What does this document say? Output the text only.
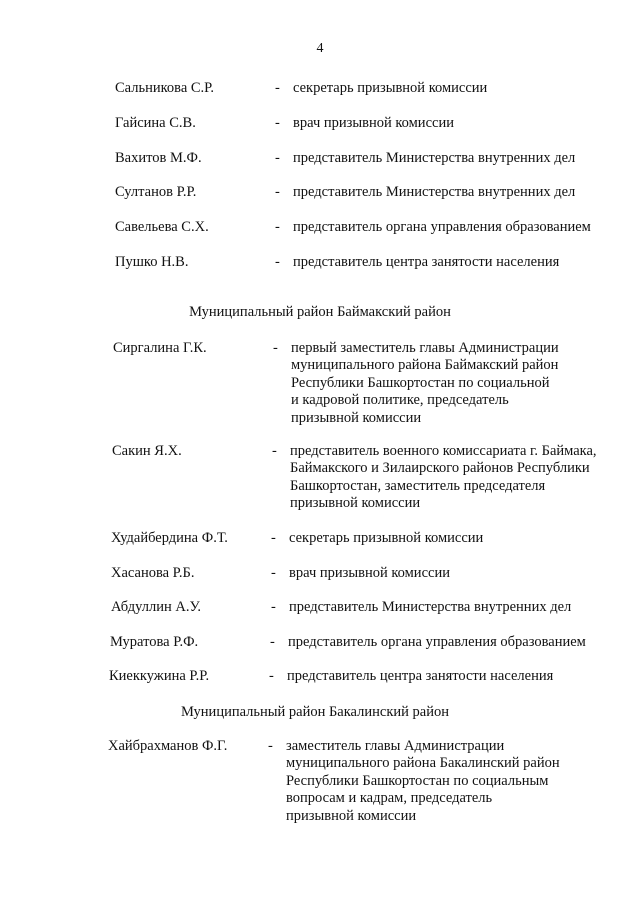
4
Сальникова С.Р.	- секретарь призывной комиссии
Гайсина С.В.	- врач призывной комиссии
Вахитов М.Ф.	- представитель Министерства внутренних дел
Султанов Р.Р.	- представитель Министерства внутренних дел
Савельева С.Х.	- представитель органа управления образованием
Пушко Н.В.	- представитель центра занятости населения
Муниципальный район Баймакский район
Сиргалина Г.К.	- первый заместитель главы Администрации
муниципального района Баймакский район
Республики Башкортостан по социальной
и кадровой политике, председатель
призывной комиссии
Сакин Я.Х.	- представитель военного комиссариата г. Баймака,
Баймакского и Зилаирского районов Республики
Башкортостан, заместитель председателя
призывной комиссии
Худайбердина Ф.Т.	- секретарь призывной комиссии
Хасанова Р.Б.	- врач призывной комиссии
Абдуллин А.У.	- представитель Министерства внутренних дел
Муратова Р.Ф.	- представитель органа управления образованием
Киеккужина Р.Р.	- представитель центра занятости населения
Муниципальный район Бакалинский район
Хайбрахманов Ф.Г.	- заместитель главы Администрации
муниципального района Бакалинский район
Республики Башкортостан по социальным
вопросам и кадрам, председатель
призывной комиссии
